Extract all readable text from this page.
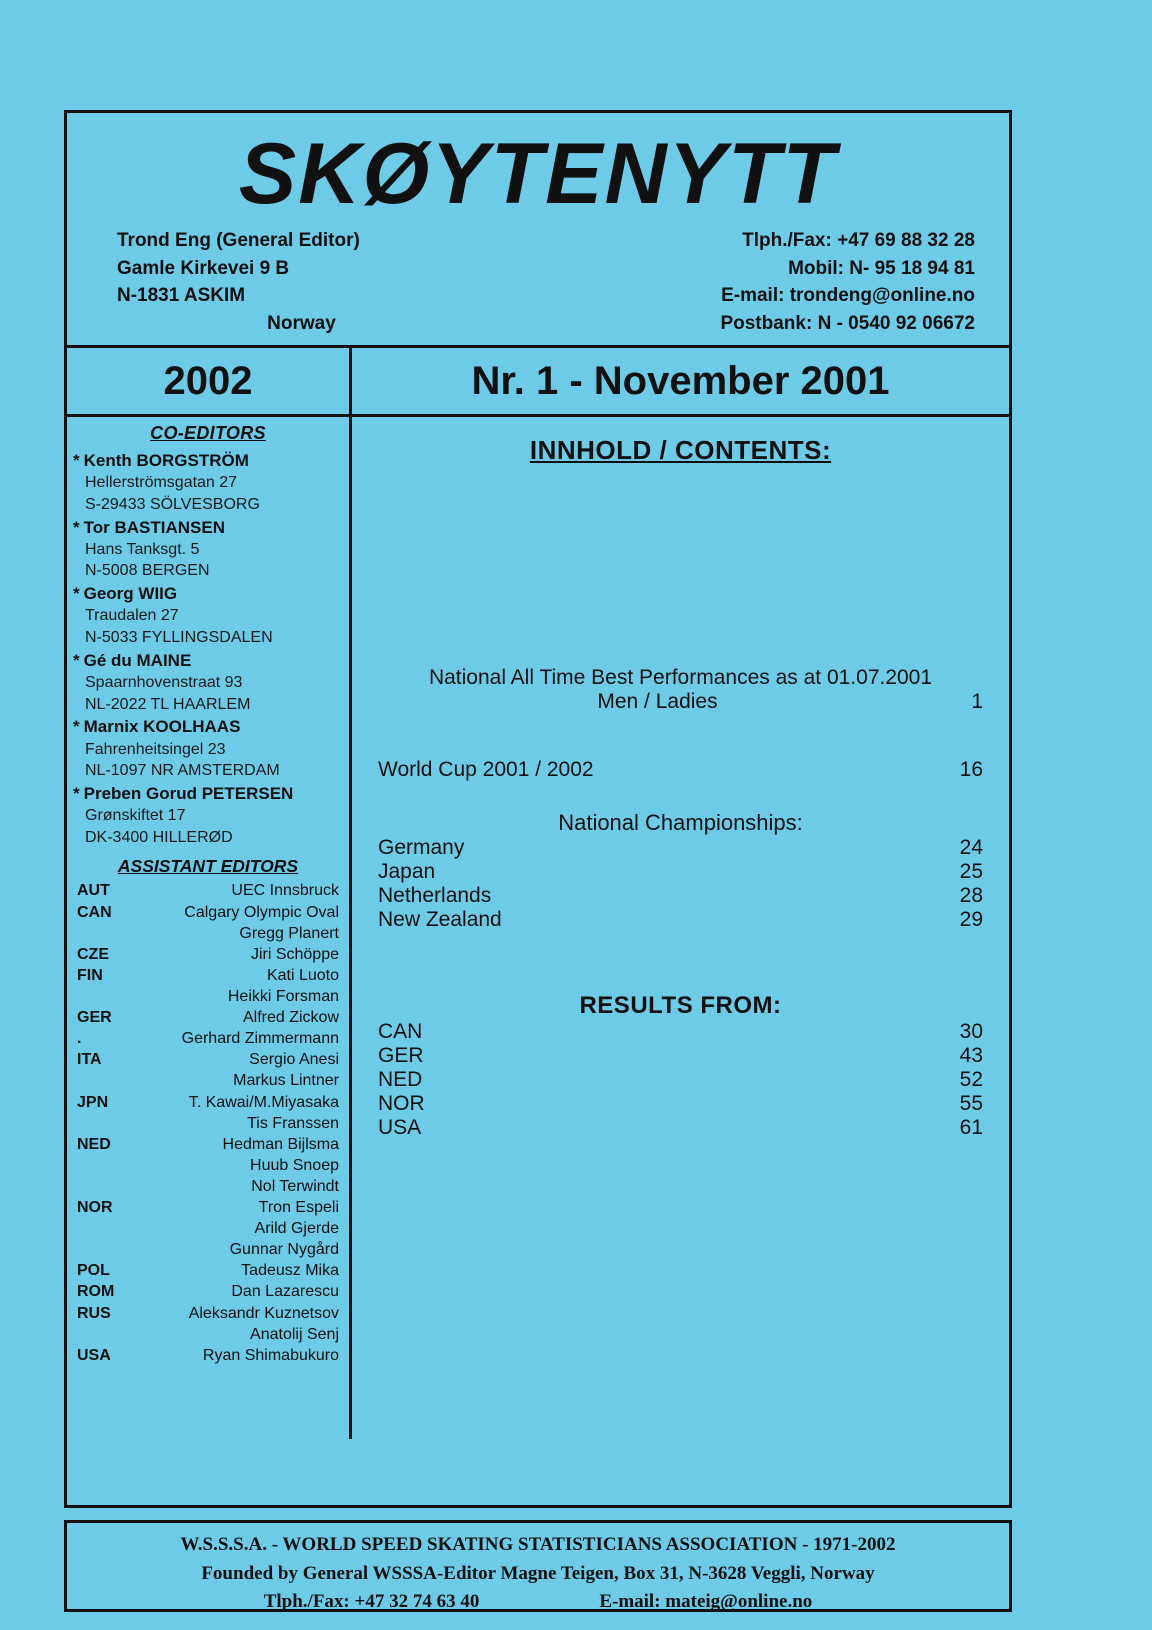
SKØYTENYTT
Trond Eng (General Editor)
Gamle Kirkevei 9 B
N-1831 ASKIM
Norway
Tlph./Fax: +47 69 88 32 28
Mobil: N- 95 18 94 81
E-mail: trondeng@online.no
Postbank: N - 0540 92 06672
2002	Nr. 1 - November 2001
CO-EDITORS
* Kenth BORGSTRÖM
Hellerströmsgatan 27
S-29433 SÖLVESBORG
* Tor BASTIANSEN
Hans Tanksgt. 5
N-5008 BERGEN
* Georg WIIG
Traudalen 27
N-5033 FYLLINGSDALEN
* Gé du MAINE
Spaarnhovenstraat 93
NL-2022 TL HAARLEM
* Marnix KOOLHAAS
Fahrenheitsingel 23
NL-1097 NR AMSTERDAM
* Preben Gorud PETERSEN
Grønskiftet 17
DK-3400 HILLERØD
ASSISTANT EDITORS
AUT	UEC Innsbruck
CAN	Calgary Olympic Oval
Gregg Planert
CZE	Jiri Schöppe
FIN	Kati Luoto
Heikki Forsman
GER	Alfred Zickow
.	Gerhard Zimmermann
ITA	Sergio Anesi
Markus Lintner
JPN	T. Kawai/M.Miyasaka
Tis Franssen
NED	Hedman Bijlsma
Huub Snoep
Nol Terwindt
NOR	Tron Espeli
Arild Gjerde
Gunnar Nygård
POL	Tadeusz Mika
ROM	Dan Lazarescu
RUS	Aleksandr Kuznetsov
Anatolij Senj
USA	Ryan Shimabukuro
INNHOLD / CONTENTS:
National All Time Best Performances as at 01.07.2001
Men / Ladies	1
World Cup 2001 / 2002	16
National Championships:
Germany	24
Japan	25
Netherlands	28
New Zealand	29
RESULTS FROM:
CAN	30
GER	43
NED	52
NOR	55
USA	61
W.S.S.S.A. - WORLD SPEED SKATING STATISTICIANS ASSOCIATION - 1971-2002
Founded by General WSSSA-Editor Magne Teigen, Box 31, N-3628 Veggli, Norway
Tlph./Fax: +47 32 74 63 40	E-mail: mateig@online.no
